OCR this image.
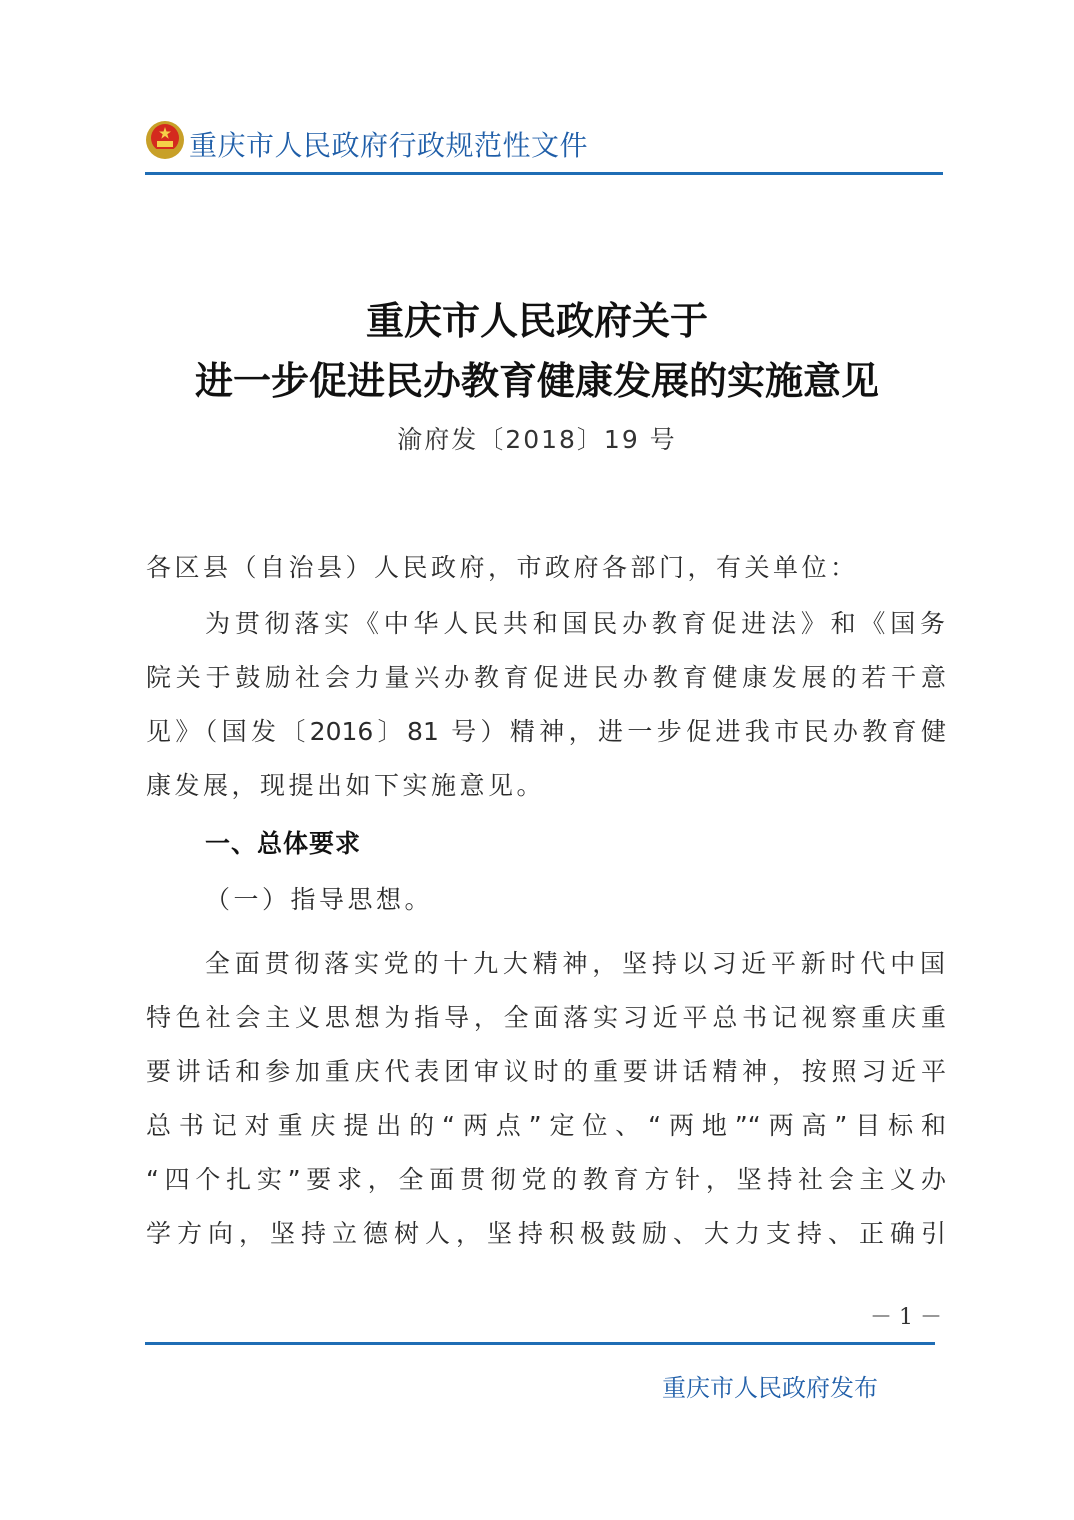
重庆市人民政府行政规范性文件
重庆市人民政府关于
进一步促进民办教育健康发展的实施意见
渝府发〔2018〕19 号
各区县（自治县）人民政府，市政府各部门，有关单位：
为贯彻落实《中华人民共和国民办教育促进法》和《国务
院关于鼓励社会力量兴办教育促进民办教育健康发展的若干意
见》（国发〔2016〕81 号）精神，进一步促进我市民办教育健
康发展，现提出如下实施意见。
一、总体要求
（一）指导思想。
全面贯彻落实党的十九大精神，坚持以习近平新时代中国
特色社会主义思想为指导，全面落实习近平总书记视察重庆重
要讲话和参加重庆代表团审议时的重要讲话精神，按照习近平
总书记对重庆提出的“两点”定位、“两地”“两高”目标和
“四个扎实”要求，全面贯彻党的教育方针，坚持社会主义办
学方向，坚持立德树人，坚持积极鼓励、大力支持、正确引
－ 1 －
重庆市人民政府发布
